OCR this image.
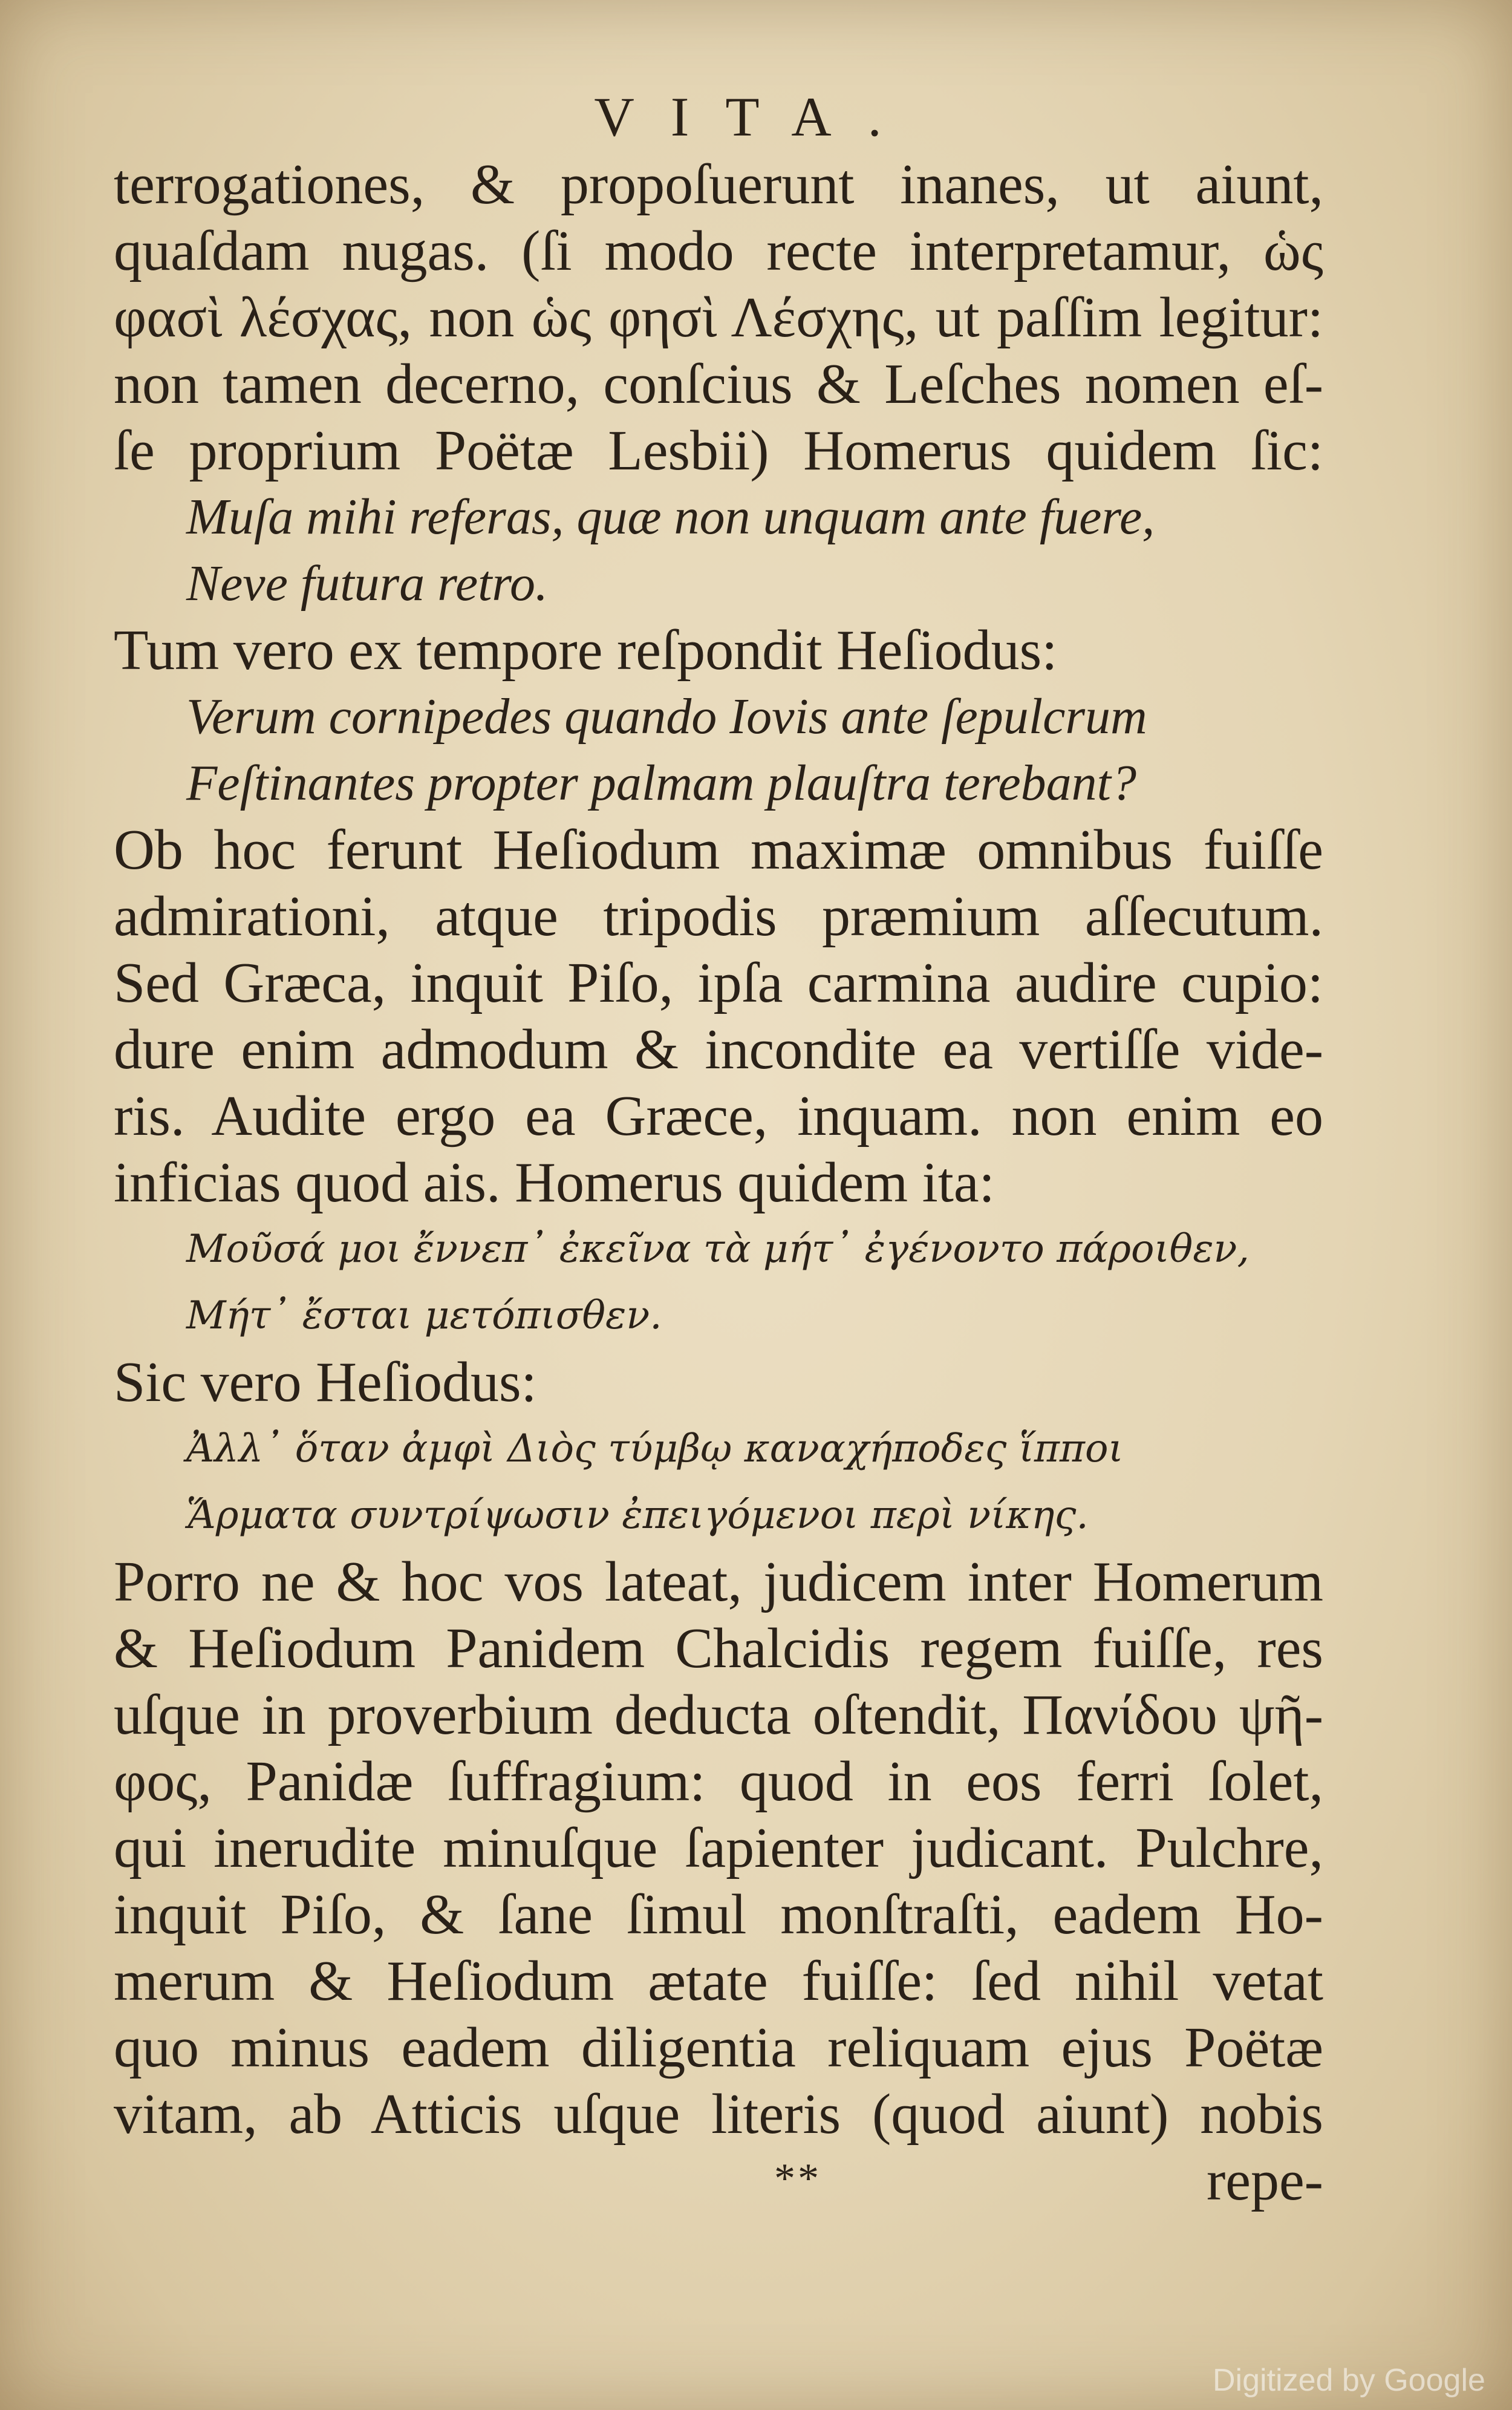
VITA.
terrogationes, & propoſuerunt inanes, ut aiunt,
quaſdam nugas. (ſi modo recte interpretamur, ὡς
φασὶ λέσχας, non ὡς φησὶ Λέσχης, ut paſſim legitur:
non tamen decerno, conſcius & Leſches nomen eſ-
ſe proprium Poëtæ Lesbii) Homerus quidem ſic:
Muſa mihi referas, quæ non unquam ante fuere,
Neve futura retro.
Tum vero ex tempore reſpondit Heſiodus:
Verum cornipedes quando Iovis ante ſepulcrum
Feſtinantes propter palmam plauſtra terebant?
Ob hoc ferunt Heſiodum maximæ omnibus fuiſſe
admirationi, atque tripodis præmium aſſecutum.
Sed Græca, inquit Piſo, ipſa carmina audire cupio:
dure enim admodum & incondite ea vertiſſe vide-
ris. Audite ergo ea Græce, inquam. non enim eo
inficias quod ais. Homerus quidem ita:
Μοῦσά μοι ἔννεπ᾽ ἐκεῖνα τὰ μήτ᾽ ἐγένοντο πάροιθεν,
Μήτ᾽ ἔσται μετόπισθεν.
Sic vero Heſiodus:
Ἀλλ᾽ ὅταν ἀμφὶ Διὸς τύμβῳ καναχήποδες ἵπποι
Ἅρματα συντρίψωσιν ἐπειγόμενοι περὶ νίκης.
Porro ne & hoc vos lateat, judicem inter Homerum
& Heſiodum Panidem Chalcidis regem fuiſſe, res
uſque in proverbium deducta oſtendit, Πανίδου ψῆ-
φος, Panidæ ſuffragium: quod in eos ferri ſolet,
qui inerudite minuſque ſapienter judicant. Pulchre,
inquit Piſo, & ſane ſimul monſtraſti, eadem Ho-
merum & Heſiodum ætate fuiſſe: ſed nihil vetat
quo minus eadem diligentia reliquam ejus Poëtæ
vitam, ab Atticis uſque literis (quod aiunt) nobis
repe-
**
Digitized by Google
